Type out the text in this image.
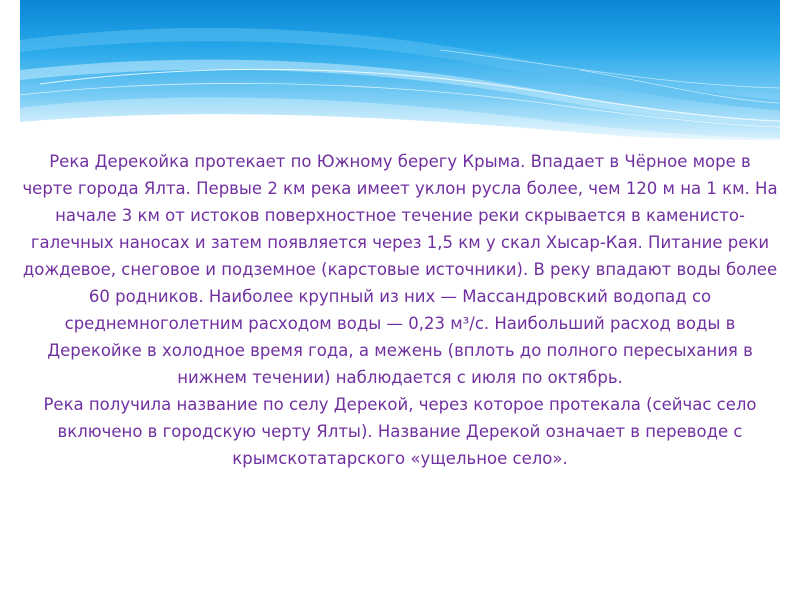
Река Дерекойка протекает по Южному берегу Крыма. Впадает в Чёрное море в черте города Ялта. Первые 2 км река имеет уклон русла более, чем 120 м на 1 км. На начале 3 км от истоков поверхностное течение реки скрывается в каменисто-галечных наносах и затем появляется через 1,5 км у скал Хысар-Кая. Питание реки дождевое, снеговое и подземное (карстовые источники). В реку впадают воды более 60 родников. Наиболее крупный из них — Массандровский водопад со среднемноголетним расходом воды — 0,23 м³/с. Наибольший расход воды в Дерекойке в холодное время года, а межень (вплоть до полного пересыхания в нижнем течении) наблюдается с июля по октябрь.

Река получила название по селу Дерекой, через которое протекала (сейчас село включено в городскую черту Ялты). Название Дерекой означает в переводе с крымскотатарского «ущельное село».
